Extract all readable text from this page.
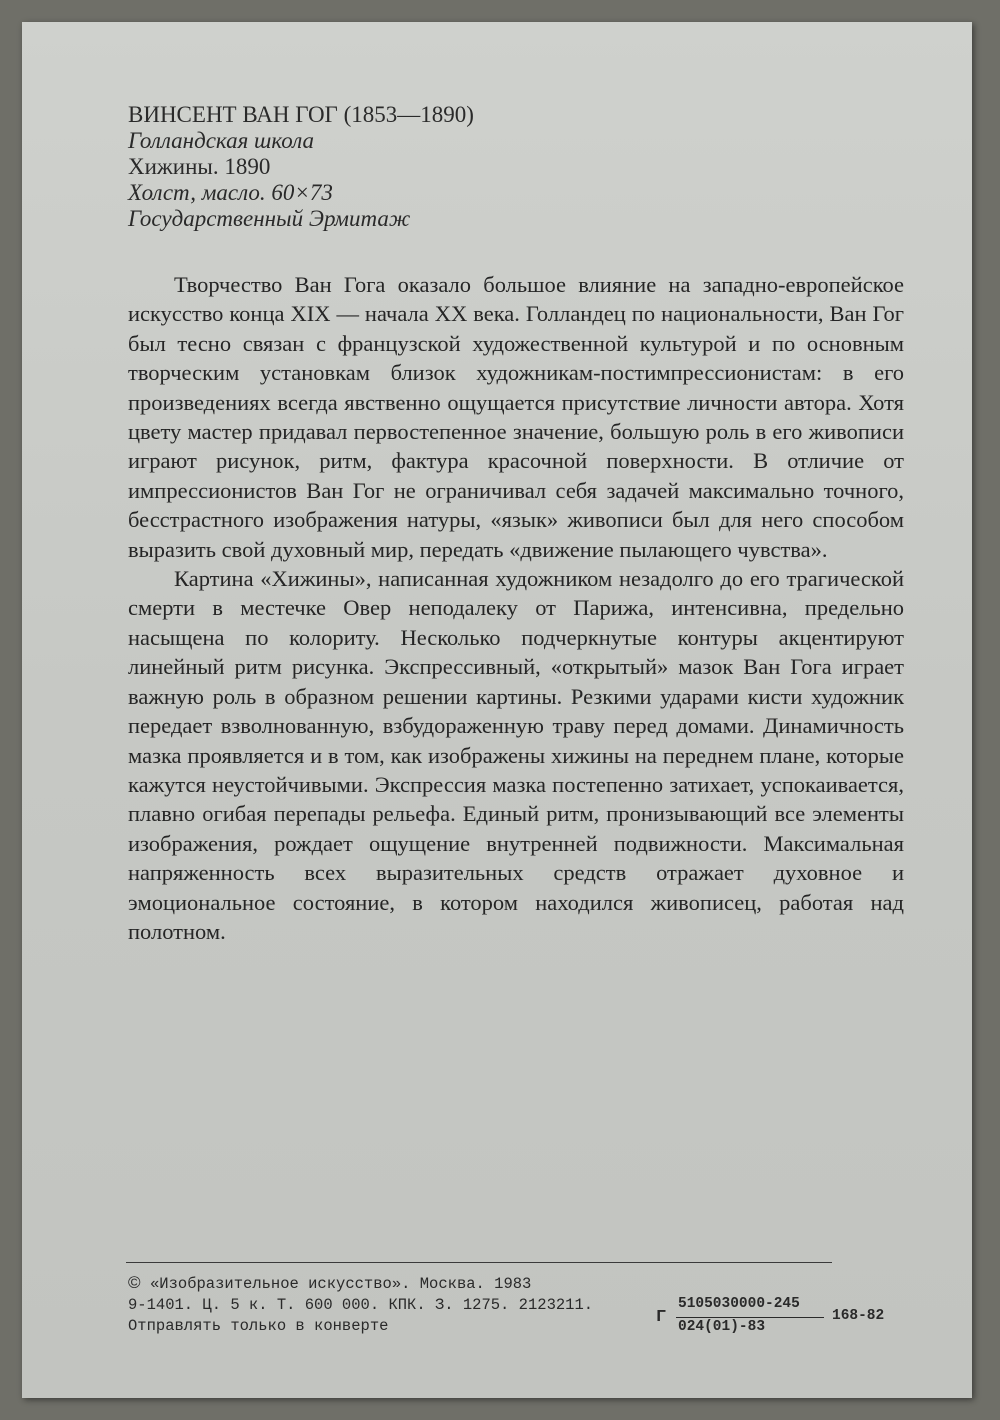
ВИНСЕНТ ВАН ГОГ (1853—1890)
Голландская школа
Хижины. 1890
Холст, масло. 60×73
Государственный Эрмитаж

Творчество Ван Гога оказало большое влияние на западно-европейское искусство конца XIX — начала XX века. Голландец по национальности, Ван Гог был тесно связан с французской художественной культурой и по основным творческим установкам близок художникам-постимпрессионистам: в его произведениях всегда явственно ощущается присутствие личности автора. Хотя цвету мастер придавал первостепенное значение, большую роль в его живописи играют рисунок, ритм, фактура красочной поверхности. В отличие от импрессионистов Ван Гог не ограничивал себя задачей максимально точного, бесстрастного изображения натуры, «язык» живописи был для него способом выразить свой духовный мир, передать «движение пылающего чувства».

Картина «Хижины», написанная художником незадолго до его трагической смерти в местечке Овер неподалеку от Парижа, интенсивна, предельно насыщена по колориту. Несколько подчеркнутые контуры акцентируют линейный ритм рисунка. Экспрессивный, «открытый» мазок Ван Гога играет важную роль в образном решении картины. Резкими ударами кисти художник передает взволнованную, взбудораженную траву перед домами. Динамичность мазка проявляется и в том, как изображены хижины на переднем плане, которые кажутся неустойчивыми. Экспрессия мазка постепенно затихает, успокаивается, плавно огибая перепады рельефа. Единый ритм, пронизывающий все элементы изображения, рождает ощущение внутренней подвижности. Максимальная напряженность всех выразительных средств отражает духовное и эмоциональное состояние, в котором находился живописец, работая над полотном.

© «Изобразительное искусство». Москва. 1983
9-1401. Ц. 5 к. Т. 600 000. КПК. З. 1275. 2123211.
Отправлять только в конверте	Г
5105030000-245
024(01)-83
168-82
